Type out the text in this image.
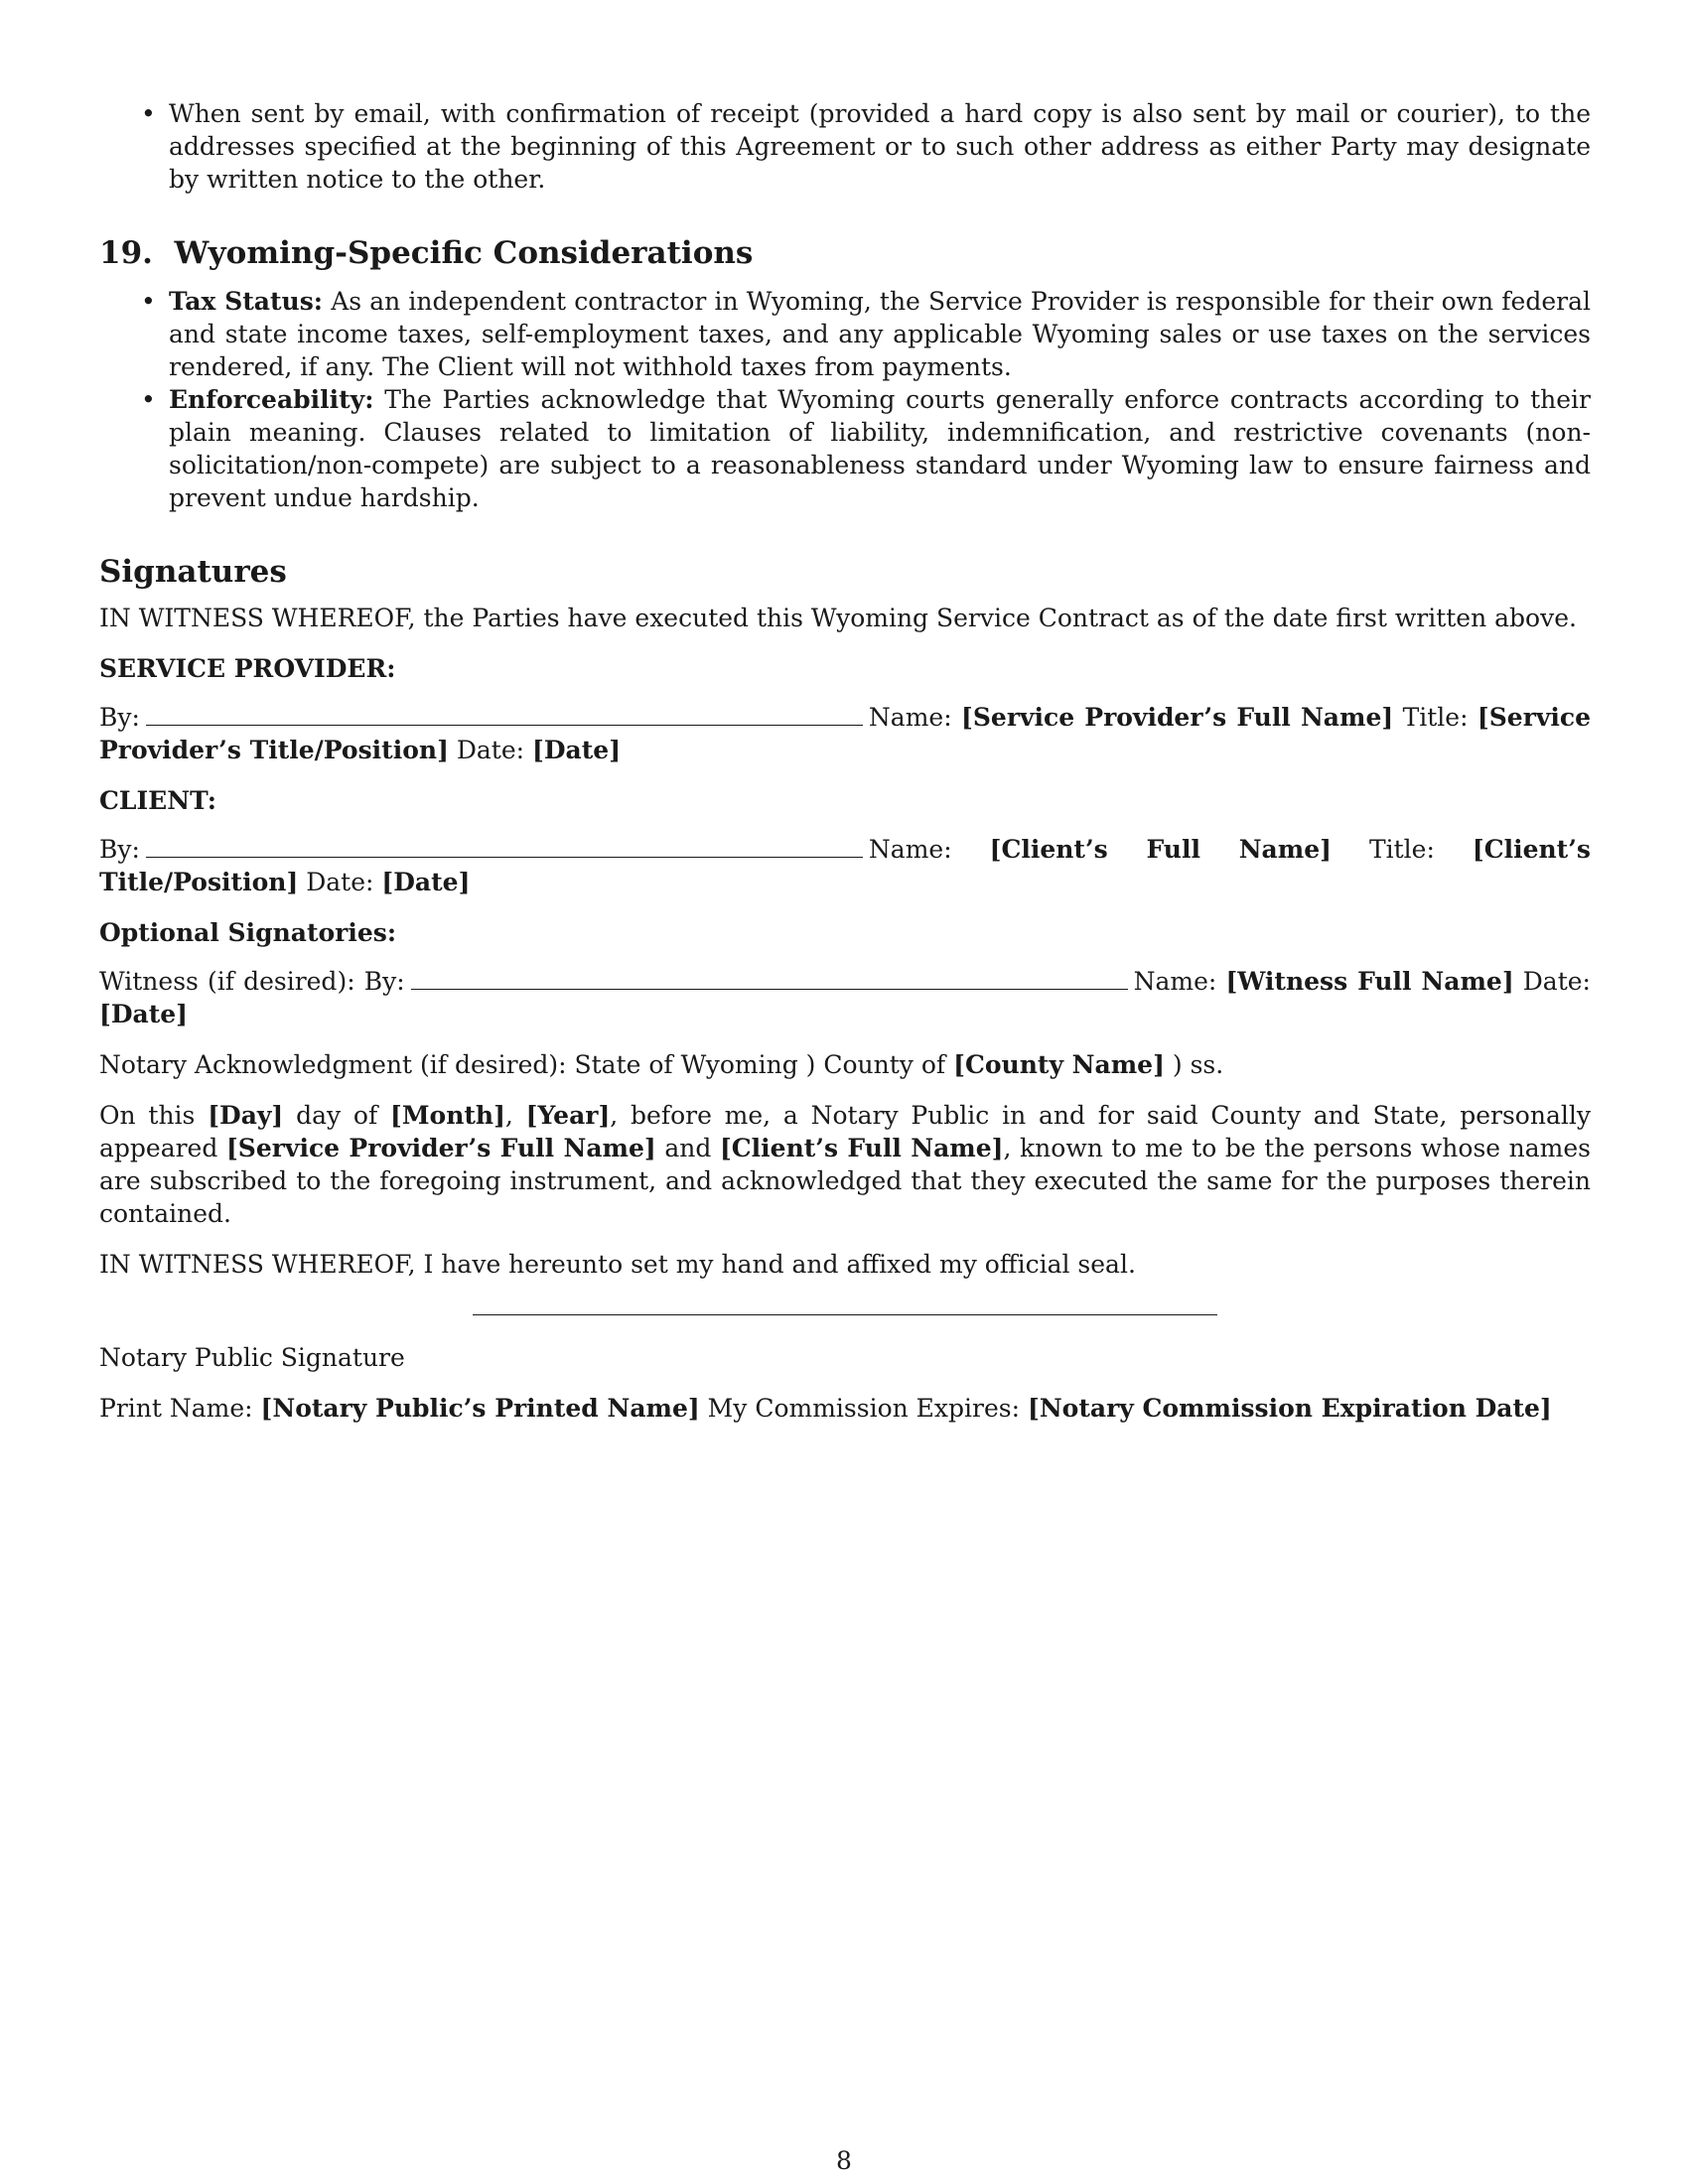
• When sent by email, with confirmation of receipt (provided a hard copy is also sent by mail or courier), to the addresses specified at the beginning of this Agreement or to such other address as either Party may designate by written notice to the other.
19. Wyoming-Specific Considerations
• Tax Status: As an independent contractor in Wyoming, the Service Provider is responsible for their own federal and state income taxes, self-employment taxes, and any applicable Wyoming sales or use taxes on the services rendered, if any. The Client will not withhold taxes from payments.
• Enforceability: The Parties acknowledge that Wyoming courts generally enforce contracts according to their plain meaning. Clauses related to limitation of liability, indemnification, and restrictive covenants (non-solicitation/non-compete) are subject to a reasonableness standard under Wyoming law to ensure fairness and prevent undue hardship.
Signatures

IN WITNESS WHEREOF, the Parties have executed this Wyoming Service Contract as of the date first written above.

SERVICE PROVIDER:

By:	Name: [Service Provider’s Full Name] Title: [Service Provider’s Title/Position] Date: [Date]

CLIENT:

By:	Name: [Client’s Full Name] Title: [Client’s Title/Position] Date: [Date]

Optional Signatories:

Witness (if desired): By:	Name: [Witness Full Name] Date: [Date]

Notary Acknowledgment (if desired): State of Wyoming ) County of [County Name] ) ss.

On this [Day] day of [Month], [Year], before me, a Notary Public in and for said County and State, personally appeared [Service Provider’s Full Name] and [Client’s Full Name], known to me to be the persons whose names are subscribed to the foregoing instrument, and acknowledged that they executed the same for the purposes therein contained.

IN WITNESS WHEREOF, I have hereunto set my hand and affixed my official seal.

Notary Public Signature

Print Name: [Notary Public’s Printed Name] My Commission Expires: [Notary Commission Expiration Date]

8
